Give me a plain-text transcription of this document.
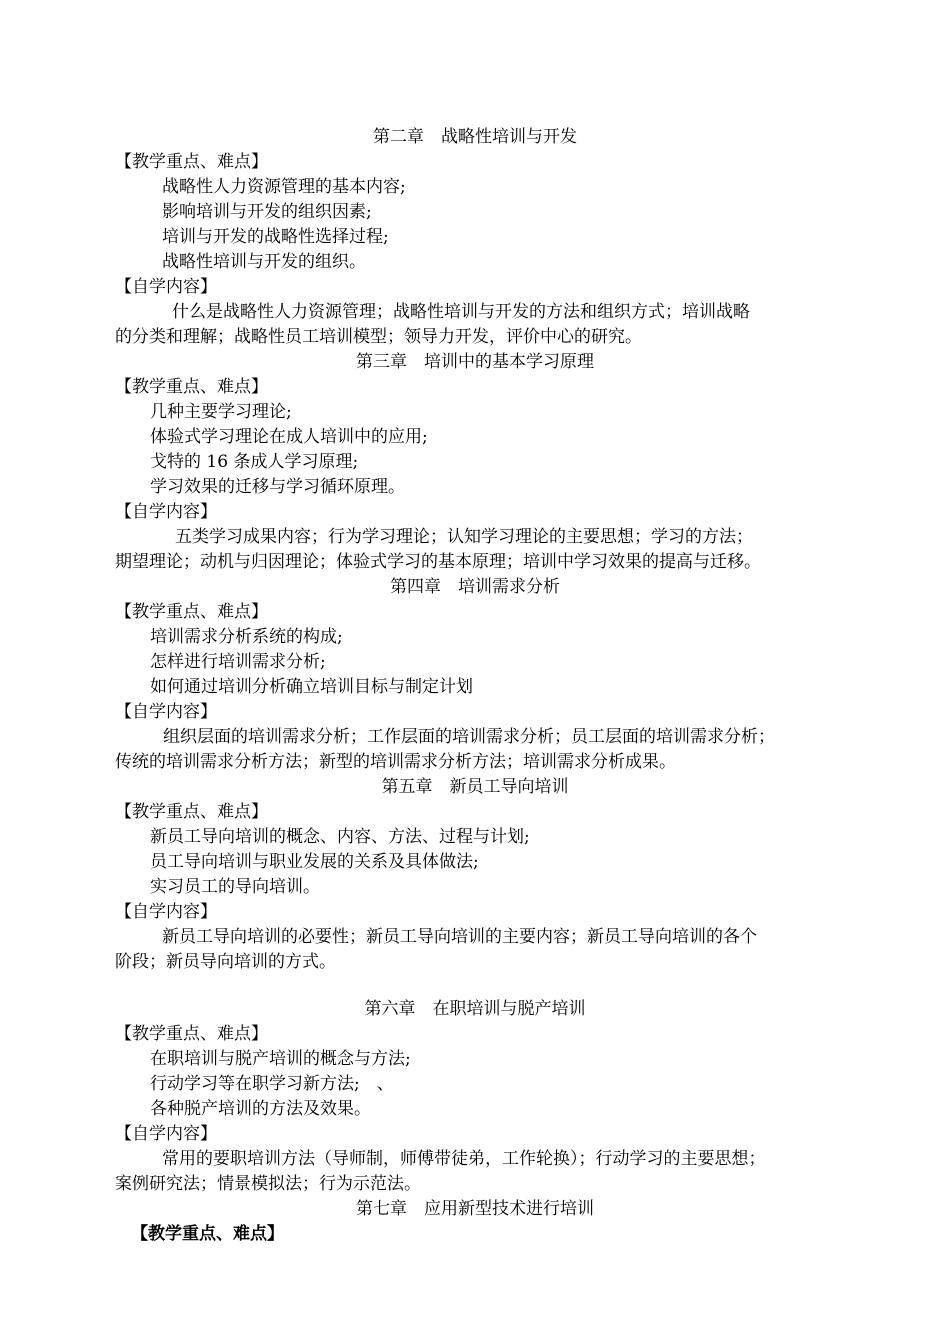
第二章　战略性培训与开发
【教学重点、难点】
战略性人力资源管理的基本内容;
影响培训与开发的组织因素;
培训与开发的战略性选择过程;
战略性培训与开发的组织。
【自学内容】
什么是战略性人力资源管理；战略性培训与开发的方法和组织方式；培训战略
的分类和理解；战略性员工培训模型；领导力开发，评价中心的研究。
第三章　培训中的基本学习原理
【教学重点、难点】
几种主要学习理论;
体验式学习理论在成人培训中的应用;
戈特的 16 条成人学习原理;
学习效果的迁移与学习循环原理。
【自学内容】
五类学习成果内容；行为学习理论；认知学习理论的主要思想；学习的方法；
期望理论；动机与归因理论；体验式学习的基本原理；培训中学习效果的提高与迁移。
第四章　培训需求分析
【教学重点、难点】
培训需求分析系统的构成;
怎样进行培训需求分析;
如何通过培训分析确立培训目标与制定计划
【自学内容】
组织层面的培训需求分析；工作层面的培训需求分析；员工层面的培训需求分析；
传统的培训需求分析方法；新型的培训需求分析方法；培训需求分析成果。
第五章　新员工导向培训
【教学重点、难点】
新员工导向培训的概念、内容、方法、过程与计划;
员工导向培训与职业发展的关系及具体做法;
实习员工的导向培训。
【自学内容】
新员工导向培训的必要性；新员工导向培训的主要内容；新员工导向培训的各个
阶段；新员导向培训的方式。
第六章　在职培训与脱产培训
【教学重点、难点】
在职培训与脱产培训的概念与方法;
行动学习等在职学习新方法;　、
各种脱产培训的方法及效果。
【自学内容】
常用的要职培训方法（导师制，师傅带徒弟，工作轮换）；行动学习的主要思想；
案例研究法；情景模拟法；行为示范法。
第七章　应用新型技术进行培训
【教学重点、难点】
